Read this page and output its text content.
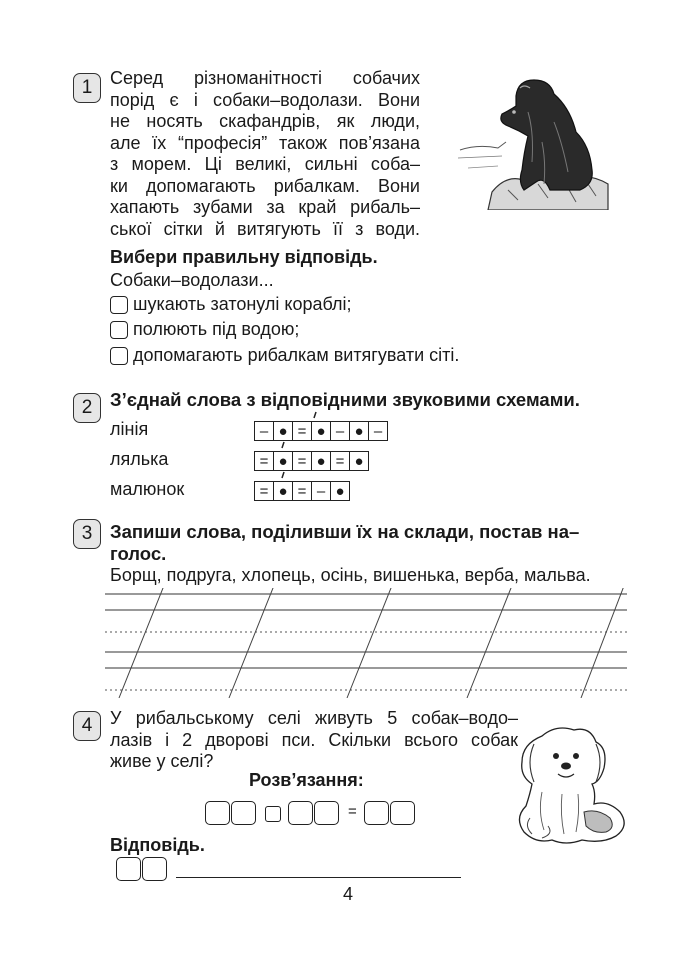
1 Серед різноманітності собачих
порід є і собаки–водолази. Вони
не носять скафандрів, як люди,
але їх “професія” також пов’язана
з морем. Ці великі, сильні соба–
ки допомагають рибалкам. Вони
хапають зубами за край рибаль–
ської сітки й витягують її з води.
Вибери правильну відповідь.
Собаки–водолази...
шукають затонулі кораблі;
полюють під водою;
допомагають рибалкам витягувати сіті.
2 З’єднай слова з відповідними звуковими схемами.
лінія
лялька
малюнок
– ● = ● – ● –
= ● = ● = ●
= ● = – ●
3 Запиши слова, поділивши їх на склади, постав на–
голос.
Борщ, подруга, хлопець, осінь, вишенька, верба, мальва.
4 У рибальському селі живуть 5 собак–водо–
лазів і 2 дворові пси. Скільки всього собак
живе у селі?
Розв’язання:
=
Відповідь.
4
